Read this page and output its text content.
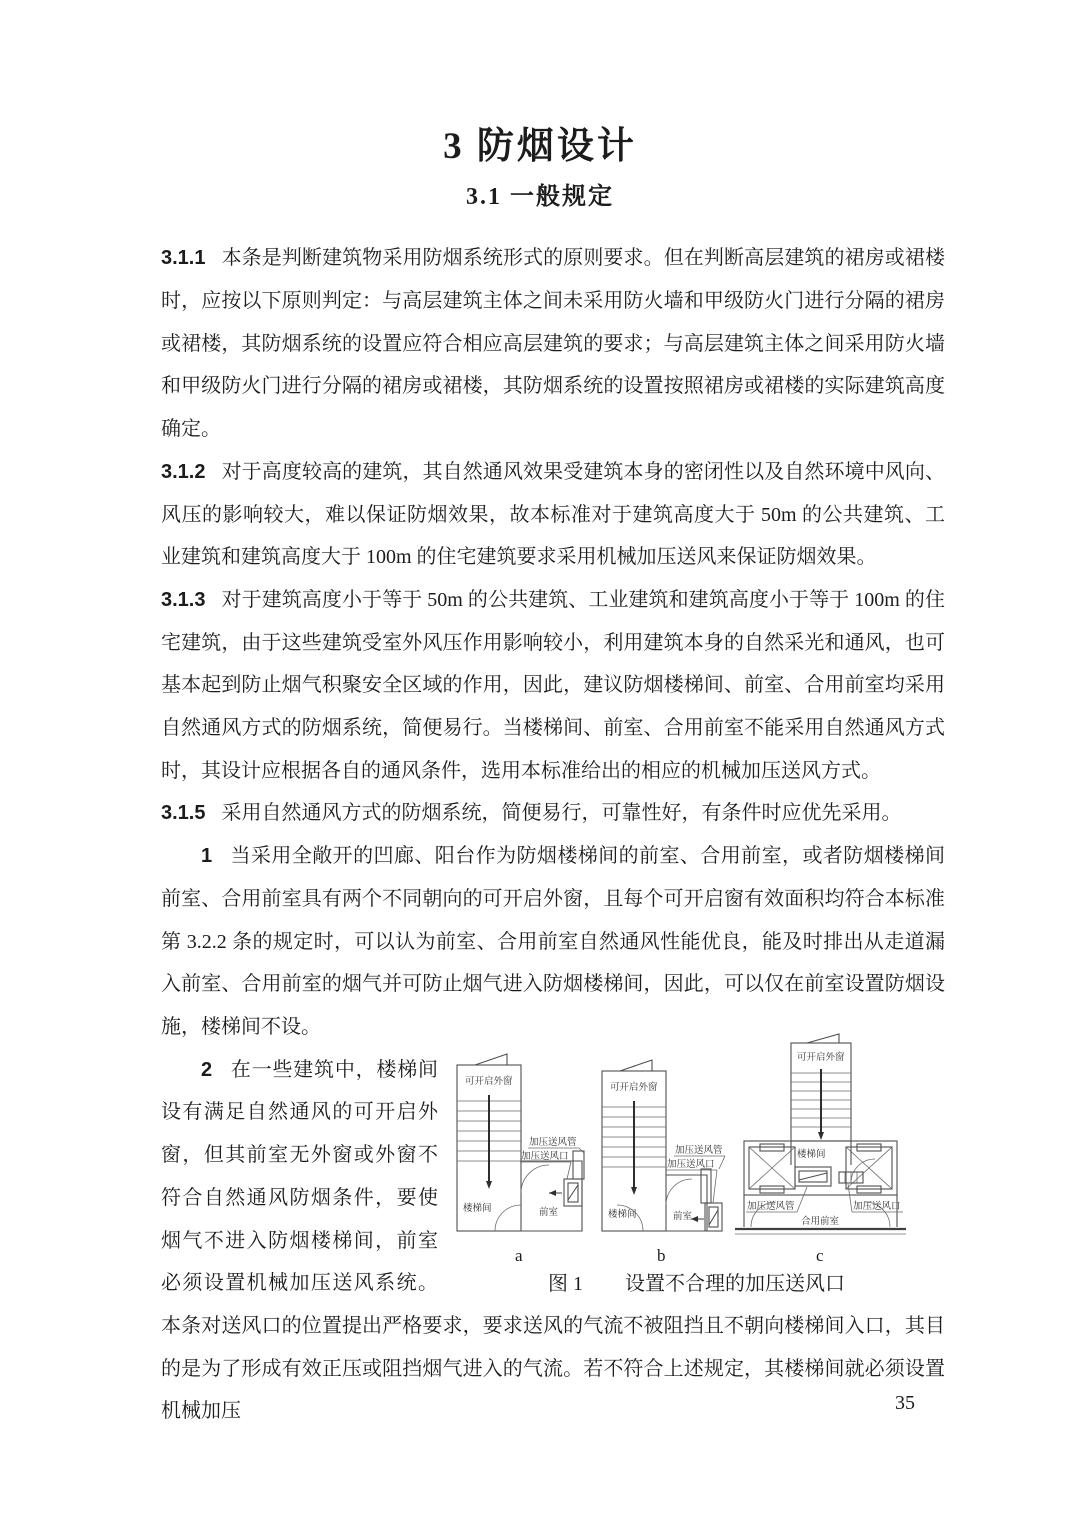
3 防烟设计
3.1 一般规定

3.1.1 本条是判断建筑物采用防烟系统形式的原则要求。但在判断高层建筑的裙房或裙楼时，应按以下原则判定：与高层建筑主体之间未采用防火墙和甲级防火门进行分隔的裙房或裙楼，其防烟系统的设置应符合相应高层建筑的要求；与高层建筑主体之间采用防火墙和甲级防火门进行分隔的裙房或裙楼，其防烟系统的设置按照裙房或裙楼的实际建筑高度确定。

3.1.2 对于高度较高的建筑，其自然通风效果受建筑本身的密闭性以及自然环境中风向、风压的影响较大，难以保证防烟效果，故本标准对于建筑高度大于 50m 的公共建筑、工业建筑和建筑高度大于 100m 的住宅建筑要求采用机械加压送风来保证防烟效果。

3.1.3 对于建筑高度小于等于 50m 的公共建筑、工业建筑和建筑高度小于等于 100m 的住宅建筑，由于这些建筑受室外风压作用影响较小，利用建筑本身的自然采光和通风，也可基本起到防止烟气积聚安全区域的作用，因此，建议防烟楼梯间、前室、合用前室均采用自然通风方式的防烟系统，简便易行。当楼梯间、前室、合用前室不能采用自然通风方式时，其设计应根据各自的通风条件，选用本标准给出的相应的机械加压送风方式。

3.1.5 采用自然通风方式的防烟系统，简便易行，可靠性好，有条件时应优先采用。

1 当采用全敞开的凹廊、阳台作为防烟楼梯间的前室、合用前室，或者防烟楼梯间前室、合用前室具有两个不同朝向的可开启外窗，且每个可开启窗有效面积均符合本标准第 3.2.2 条的规定时，可以认为前室、合用前室自然通风性能优良，能及时排出从走道漏入前室、合用前室的烟气并可防止烟气进入防烟楼梯间，因此，可以仅在前室设置防烟设施，楼梯间不设。

可开启外窗
加压送风管
加压送风口
楼梯间	前室
a
可开启外窗
加压送风管
加压送风口
楼梯间	前室
b
可开启外窗
楼梯间
加压送风管	加压送风口
合用前室
c
图 1 设置不合理的加压送风口
2 在一些建筑中，楼梯间设有满足自然通风的可开启外窗，但其前室无外窗或外窗不符合自然通风防烟条件，要使烟气不进入防烟楼梯间，前室必须设置机械加压送风系统。本条对送风口的位置提出严格要求，要求送风的气流不被阻挡且不朝向楼梯间入口，其目的是为了形成有效正压或阻挡烟气进入的气流。若不符合上述规定，其楼梯间就必须设置机械加压	35
